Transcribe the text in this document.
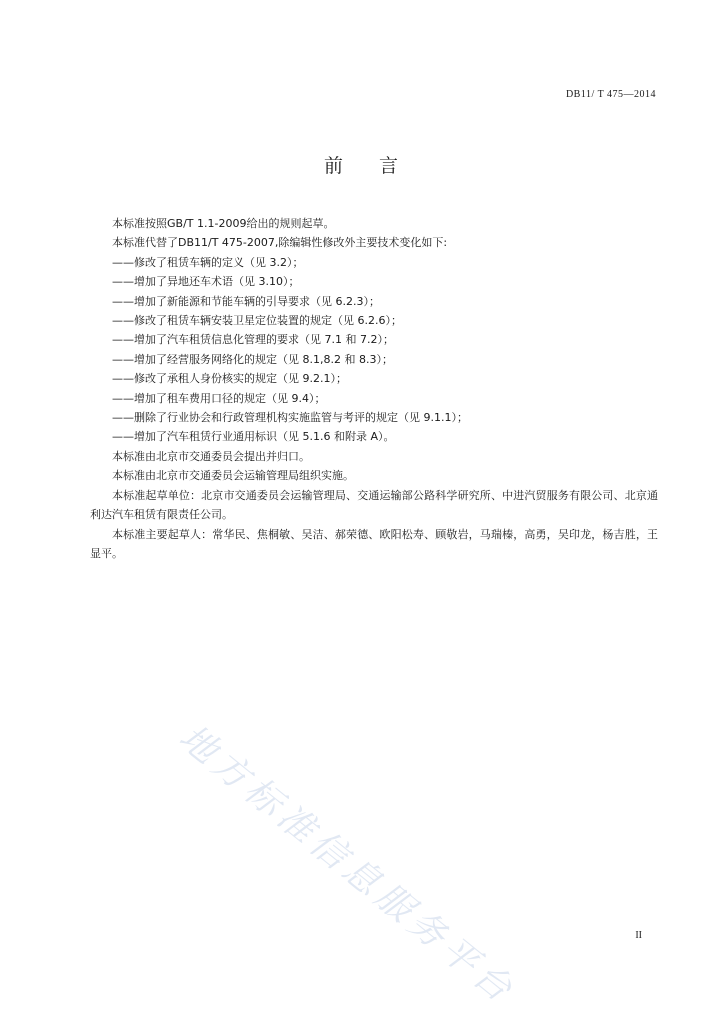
DB11/ T 475—2014
前 言
本标准按照GB/T 1.1-2009给出的规则起草。
本标准代替了DB11/T 475-2007,除编辑性修改外主要技术变化如下:
——修改了租赁车辆的定义（见 3.2）；
——增加了异地还车术语（见 3.10）；
——增加了新能源和节能车辆的引导要求（见 6.2.3）；
——修改了租赁车辆安装卫星定位装置的规定（见 6.2.6）；
——增加了汽车租赁信息化管理的要求（见 7.1 和 7.2）；
——增加了经营服务网络化的规定（见 8.1,8.2 和 8.3）；
——修改了承租人身份核实的规定（见 9.2.1）；
——增加了租车费用口径的规定（见 9.4）；
——删除了行业协会和行政管理机构实施监管与考评的规定（见 9.1.1）；
——增加了汽车租赁行业通用标识（见 5.1.6 和附录 A）。
本标准由北京市交通委员会提出并归口。
本标准由北京市交通委员会运输管理局组织实施。
本标准起草单位：北京市交通委员会运输管理局、交通运输部公路科学研究所、中进汽贸服务有限公司、北京通利达汽车租赁有限责任公司。
本标准主要起草人：常华民、焦桐敏、吴洁、郝荣德、欧阳松寿、顾敬岩，马瑞榛，高勇，吴印龙，杨吉胜，王显平。
地方标准信息服务平台	II
